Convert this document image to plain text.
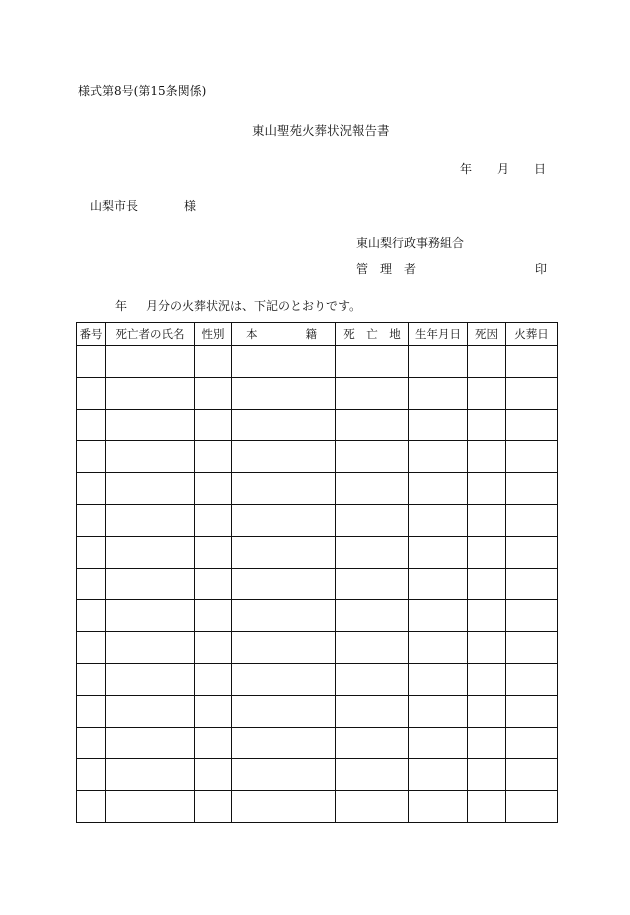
様式第8号(第15条関係)
東山聖苑火葬状況報告書
年 月 日
山梨市長	様
東山梨行政事務組合
管　理　者	印
年 月分の火葬状況は、下記のとおりです。
番号	死亡者の氏名	性別	本 籍	死　亡　地	生年月日	死因	火葬日
